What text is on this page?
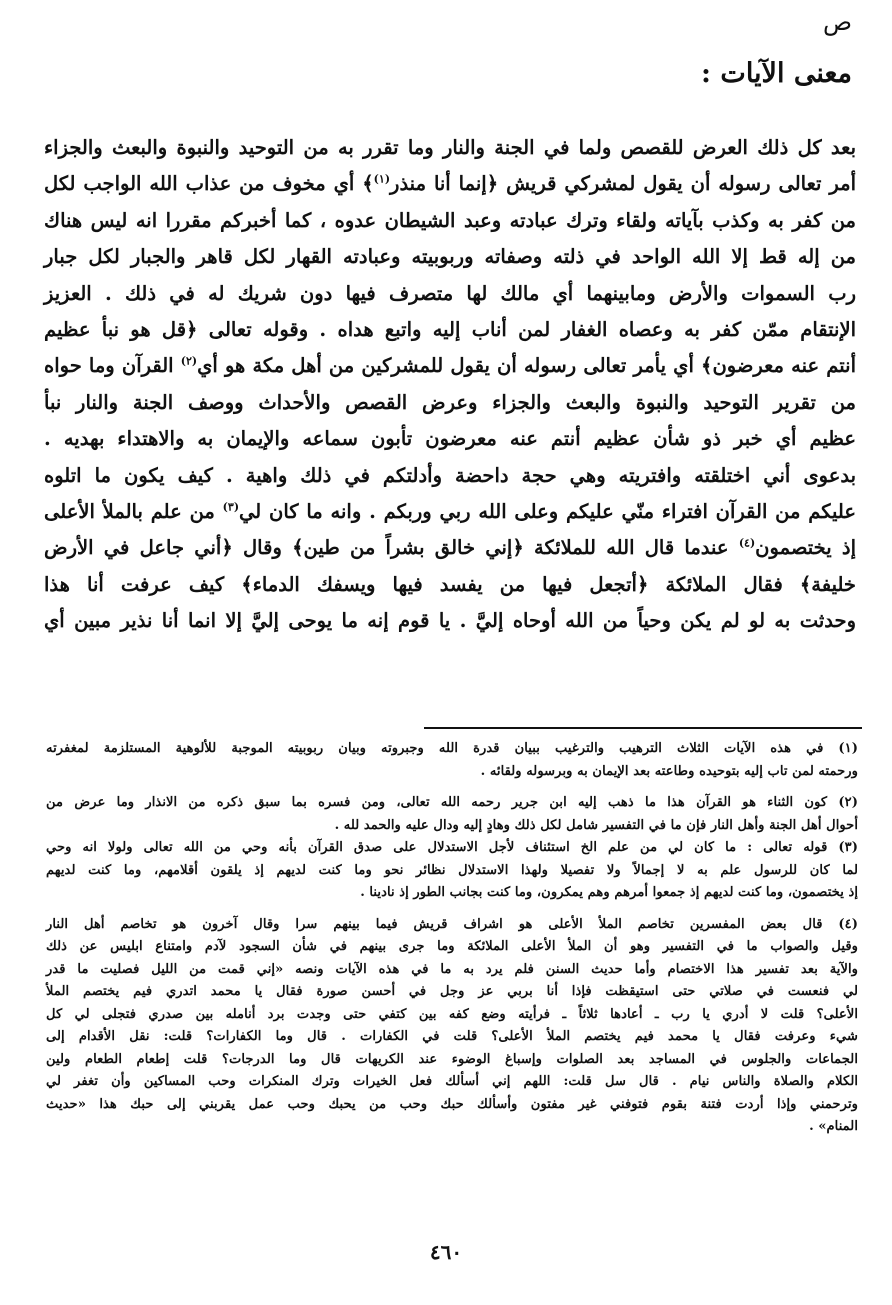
ص
معنى الآيات :
بعد كل ذلك العرض للقصص ولما في الجنة والنار وما تقرر به من التوحيد والنبوة والبعث والجزاء
أمر تعالى رسوله أن يقول لمشركي قريش ﴿إنما أنا منذر$^{(١)}$﴾ أي مخوف من عذاب الله الواجب لكل
من كفر به وكذب بآياته ولقاء وترك عبادته وعبد الشيطان عدوه ، كما أخبركم مقررا انه ليس هناك
من إله قط إلا الله الواحد في ذلته وصفاته وربوبيته وعبادته القهار لكل قاهر والجبار لكل جبار
رب السموات والأرض ومابينهما أي مالك لها متصرف فيها دون شريك له في ذلك . العزيز
الإنتقام ممّن كفر به وعصاه الغفار لمن أناب إليه واتبع هداه . وقوله تعالى ﴿قل هو نبأ عظيم
أنتم عنه معرضون﴾ أي يأمر تعالى رسوله أن يقول للمشركين من أهل مكة هو أي$^{(٢)}$ القرآن وما حواه
من تقرير التوحيد والنبوة والبعث والجزاء وعرض القصص والأحداث ووصف الجنة والنار نبأ
عظيم أي خبر ذو شأن عظيم أنتم عنه معرضون تأبون سماعه والإيمان به والاهتداء بهديه .
بدعوى أني اختلقته وافتريته وهي حجة داحضة وأدلتكم في ذلك واهية . كيف يكون ما اتلوه
عليكم من القرآن افتراء منّي عليكم وعلى الله ربي وربكم . وانه ما كان لي$^{(٣)}$ من علم بالملأ الأعلى
إذ يختصمون$^{(٤)}$ عندما قال الله للملائكة ﴿إني خالق بشراً من طين﴾ وقال ﴿أني جاعل في الأرض
خليفة﴾ فقال الملائكة ﴿أتجعل فيها من يفسد فيها ويسفك الدماء﴾ كيف عرفت أنا هذا
وحدثت به لو لم يكن وحياً من الله أوحاه إليَّ . يا قوم إنه ما يوحى إليَّ إلا انما أنا نذير مبين أي
(١) في هذه الآيات الثلاث الترهيب والترغيب ببيان قدرة الله وجبروته وبيان ربوبيته الموجبة للألوهية المستلزمة لمغفرته
ورحمته لمن تاب إليه بتوحيده وطاعته بعد الإيمان به وبرسوله ولقائه .
(٢) كون الثناء هو القرآن هذا ما ذهب إليه ابن جرير رحمه الله تعالى، ومن فسره بما سبق ذكره من الانذار وما عرض من
أحوال أهل الجنة وأهل النار فإن ما في التفسير شامل لكل ذلك وهادٍ إليه ودال عليه والحمد لله .
(٣) قوله تعالى : ما كان لي من علم الخ استئناف لأجل الاستدلال على صدق القرآن بأنه وحي من الله تعالى ولولا انه وحي
لما كان للرسول علم به لا إجمالاً ولا تفصيلا ولهذا الاستدلال نظائر نحو وما كنت لديهم إذ يلقون أقلامهم، وما كنت لديهم
إذ يختصمون، وما كنت لديهم إذ جمعوا أمرهم وهم يمكرون، وما كنت بجانب الطور إذ نادينا .
(٤) قال بعض المفسرين تخاصم الملأ الأعلى هو اشراف قريش فيما بينهم سرا وقال آخرون هو تخاصم أهل النار
وقيل والصواب ما في التفسير وهو أن الملأ الأعلى الملائكة وما جرى بينهم في شأن السجود لآدم وامتناع ابليس عن ذلك
والآية بعد تفسير هذا الاختصام وأما حديث السنن فلم يرد به ما في هذه الآيات ونصه «إني قمت من الليل فصليت ما قدر
لي فنعست في صلاتي حتى استيقظت فإذا أنا بربي عز وجل في أحسن صورة فقال يا محمد اتدري فيم يختصم الملأ
الأعلى؟ قلت لا أدري يا رب ـ أعادها ثلاثاً ـ فرأيته وضع كفه بين كتفي حتى وجدت برد أنامله بين صدري فتجلى لي كل
شيء وعرفت فقال يا محمد فيم يختصم الملأ الأعلى؟ قلت في الكفارات . قال وما الكفارات؟ قلت: نقل الأقدام إلى
الجماعات والجلوس في المساجد بعد الصلوات وإسباغ الوضوء عند الكريهات قال وما الدرجات؟ قلت إطعام الطعام ولين
الكلام والصلاة والناس نيام . قال سل قلت: اللهم إني أسألك فعل الخيرات وترك المنكرات وحب المساكين وأن تغفر لي
وترحمني وإذا أردت فتنة بقوم فتوفني غير مفتون وأسألك حبك وحب من يحبك وحب عمل يقربني إلى حبك هذا «حديث
المنام» .
٤٦٠
